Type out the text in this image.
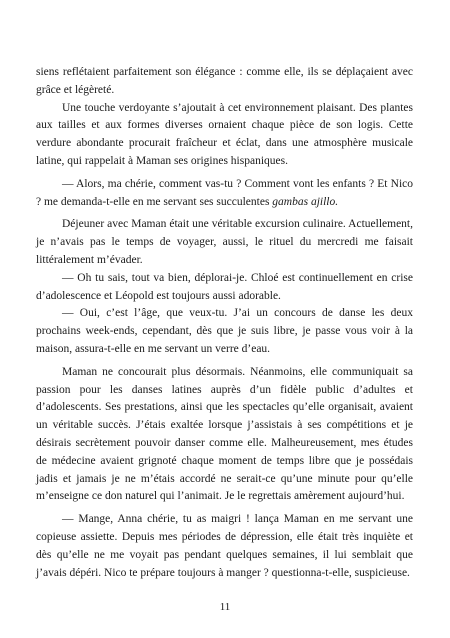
siens reflétaient parfaitement son élégance : comme elle, ils se déplaçaient avec grâce et légèreté.

Une touche verdoyante s’ajoutait à cet environnement plaisant. Des plantes aux tailles et aux formes diverses ornaient chaque pièce de son logis. Cette verdure abondante procurait fraîcheur et éclat, dans une atmosphère musicale latine, qui rappelait à Maman ses origines hispaniques.

— Alors, ma chérie, comment vas-tu ? Comment vont les enfants ? Et Nico ? me demanda-t-elle en me servant ses succulentes gambas ajillo.

Déjeuner avec Maman était une véritable excursion culinaire. Actuellement, je n’avais pas le temps de voyager, aussi, le rituel du mercredi me faisait littéralement m’évader.

— Oh tu sais, tout va bien, déplorai-je. Chloé est continuellement en crise d’adolescence et Léopold est toujours aussi adorable.

— Oui, c’est l’âge, que veux-tu. J’ai un concours de danse les deux prochains week-ends, cependant, dès que je suis libre, je passe vous voir à la maison, assura-t-elle en me servant un verre d’eau.

Maman ne concourait plus désormais. Néanmoins, elle communiquait sa passion pour les danses latines auprès d’un fidèle public d’adultes et d’adolescents. Ses prestations, ainsi que les spectacles qu’elle organisait, avaient un véritable succès. J’étais exaltée lorsque j’assistais à ses compétitions et je désirais secrètement pouvoir danser comme elle. Malheureusement, mes études de médecine avaient grignoté chaque moment de temps libre que je possédais jadis et jamais je ne m’étais accordé ne serait-ce qu’une minute pour qu’elle m’enseigne ce don naturel qui l’animait. Je le regrettais amèrement aujourd’hui.

— Mange, Anna chérie, tu as maigri ! lança Maman en me servant une copieuse assiette. Depuis mes périodes de dépression, elle était très inquiète et dès qu’elle ne me voyait pas pendant quelques semaines, il lui semblait que j’avais dépéri. Nico te prépare toujours à manger ? questionna-t-elle, suspicieuse.

11
